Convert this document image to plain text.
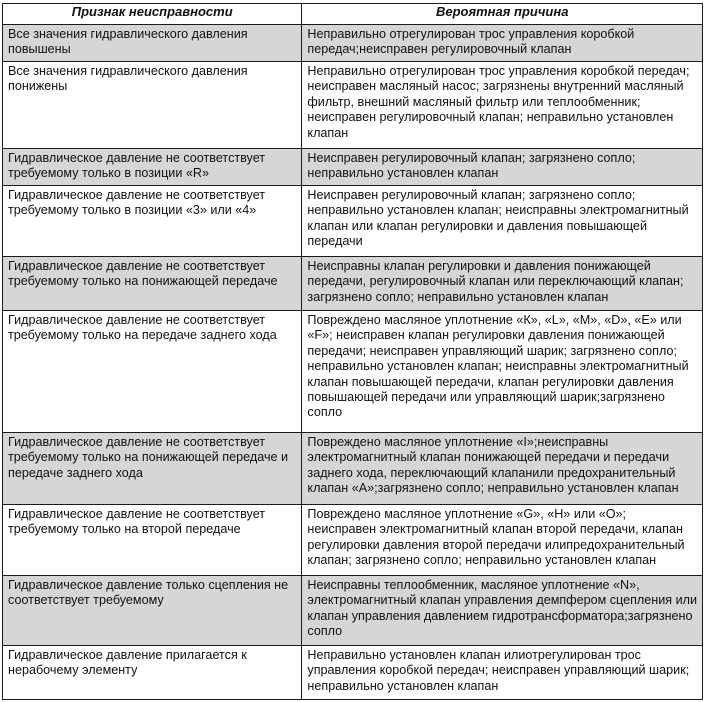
Признак неисправности	Вероятная причина
Все значения гидравлического давления повышены	Неправильно отрегулирован трос управления коробкой передач;неисправен регулировочный клапан
Все значения гидравлического давления понижены	Неправильно отрегулирован трос управления коробкой передач; неисправен масляный насос; загрязнены внутренний масляный фильтр, внешний масляный фильтр или теплообменник; неисправен регулировочный клапан; неправильно установлен клапан
Гидравлическое давление не соответствует требуемому только в позиции «R»	Неисправен регулировочный клапан; загрязнено сопло; неправильно установлен клапан
Гидравлическое давление не соответствует требуемому только в позиции «3» или «4»	Неисправен регулировочный клапан; загрязнено сопло; неправильно установлен клапан; неисправны электромагнитный клапан или клапан регулировки и давления повышающей передачи
Гидравлическое давление не соответствует требуемому только на понижающей передаче	Неисправны клапан регулировки и давления понижающей передачи, регулировочный клапан или переключающий клапан; загрязнено сопло; неправильно установлен клапан
Гидравлическое давление не соответствует требуемому только на передаче заднего хода	Повреждено масляное уплотнение «К», «L», «М», «D», «Е» или «F»; неисправен клапан регулировки давления понижающей передачи; неисправен управляющий шарик; загрязнено сопло; неправильно установлен клапан; неисправны электромагнитный клапан повышающей передачи, клапан регулировки давления повышающей передачи или управляющий шарик;загрязнено сопло
Гидравлическое давление не соответствует требуемому только на понижающей передаче и передаче заднего хода	Повреждено масляное уплотнение «I»;неисправны электромагнитный клапан понижающей передачи и передачи заднего хода, переключающий клапанили предохранительный клапан «А»;загрязнено сопло; неправильно установлен клапан
Гидравлическое давление не соответствует требуемому только на второй передаче	Повреждено масляное уплотнение «G», «Н» или «О»; неисправен электромагнитный клапан второй передачи, клапан регулировки давления второй передачи илипредохранительный клапан; загрязнено сопло; неправильно установлен клапан
Гидравлическое давление только сцепления не соответствует требуемому	Неисправны теплообменник, масляное уплотнение «N», электромагнитный клапан управления демпфером сцепления или клапан управления давлением гидротрансформатора;загрязнено сопло
Гидравлическое давление прилагается к нерабочему элементу	Неправильно установлен клапан илиотрегулирован трос управления коробкой передач; неисправен управляющий шарик; неправильно установлен клапан
